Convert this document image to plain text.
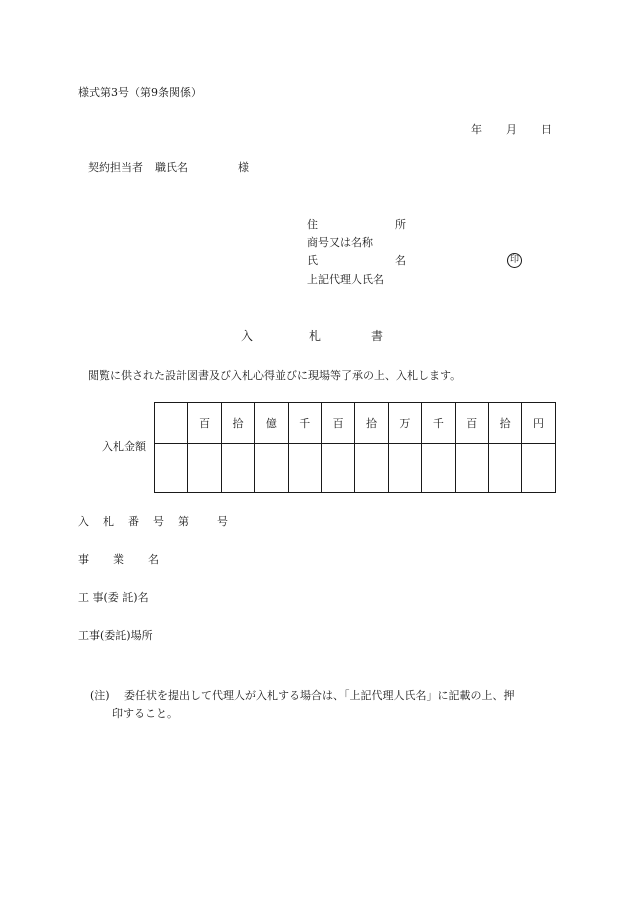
様式第3号（第9条関係）
年 月 日
契約担当者 職氏名	様
住	所
商号又は名称
氏	名	印
上記代理人氏名
入	札	書
閲覧に供された設計図書及び入札心得並びに現場等了承の上、入札します。
入札金額
	百	拾	億	千	百	拾	万	千	百	拾	円

入 札 番 号 第	号
事 業 名
工 事(委 託)名
工事(委託)場所
(注) 委任状を提出して代理人が入札する場合は、「上記代理人氏名」に記載の上、押
印すること。
